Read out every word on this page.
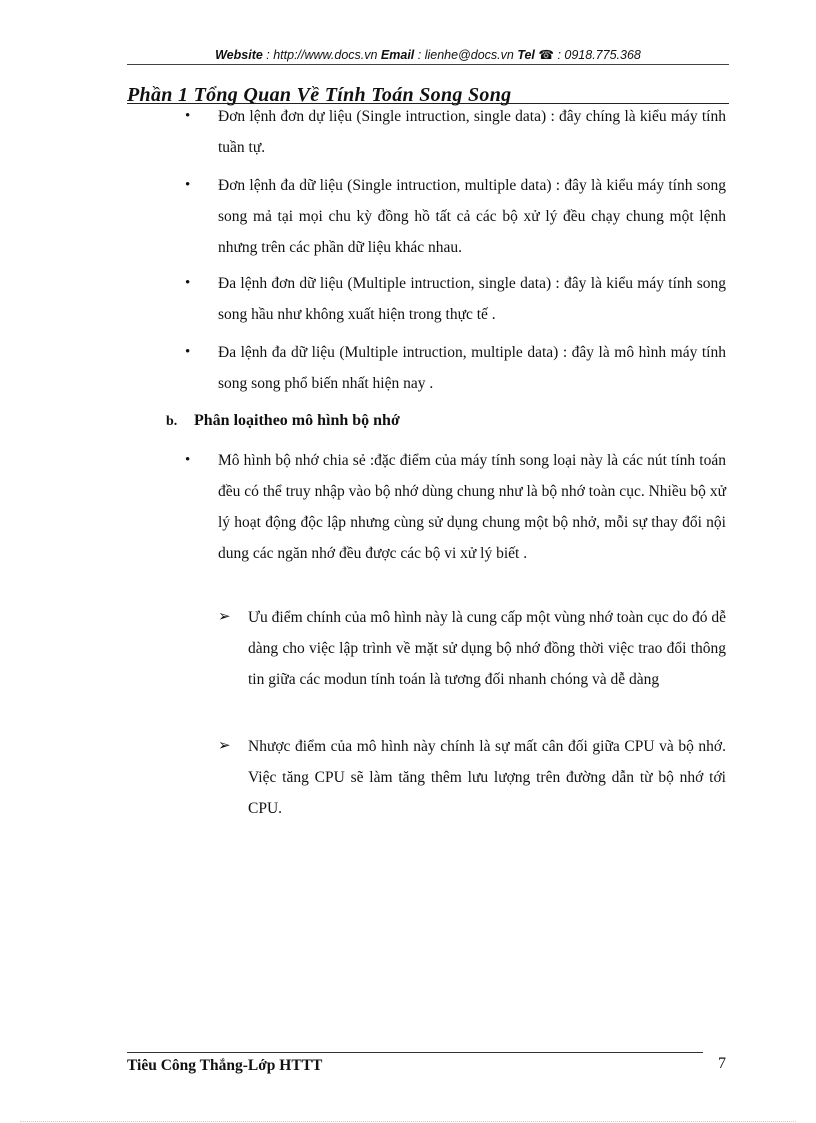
Website : http://www.docs.vn Email : lienhe@docs.vn Tel ☎ : 0918.775.368
Phần 1 Tổng Quan Về Tính Toán Song Song
•	Đơn lệnh đơn dự liệu (Single intruction, single data) : đây chíng là kiểu máy tính tuần tự.
•	Đơn lệnh đa dữ liệu (Single intruction, multiple data) : đây là kiểu máy tính song song mả tại mọi chu kỳ đồng hồ tất cả các bộ xử lý đều chạy chung một lệnh nhưng trên các phần dữ liệu khác nhau.
•	Đa lệnh đơn dữ liệu (Multiple intruction, single data) : đây là kiểu máy tính song song hầu như không xuất hiện trong thực tế .
•	Đa lệnh đa dữ liệu (Multiple intruction, multiple data) : đây là mô hình máy tính song song phổ biến nhất hiện nay .
b. Phân loạitheo mô hình bộ nhớ
•	Mô hình bộ nhớ chia sẻ :đặc điểm của máy tính song loại này là các nút tính toán đều có thể truy nhập vào bộ nhớ dùng chung như là bộ nhớ toàn cục. Nhiều bộ xử lý hoạt động độc lập nhưng cùng sử dụng chung một bộ nhở, mỗi sự thay đổi nội dung các ngăn nhớ đều được các bộ vi xử lý biết .
➢ Ưu điểm chính của mô hình này là cung cấp một vùng nhớ toàn cục do đó dễ dàng cho việc lập trình về mặt sử dụng bộ nhớ đồng thời việc trao đổi thông tin giữa các modun tính toán là tương đối nhanh chóng và dễ dàng
➢ Nhược điểm của mô hình này chính là sự mất cân đối giữa CPU và bộ nhớ. Việc tăng CPU sẽ làm tăng thêm lưu lượng trên đường dẫn từ bộ nhớ tới CPU.
Tiêu Công Thắng-Lớp HTTT	7
